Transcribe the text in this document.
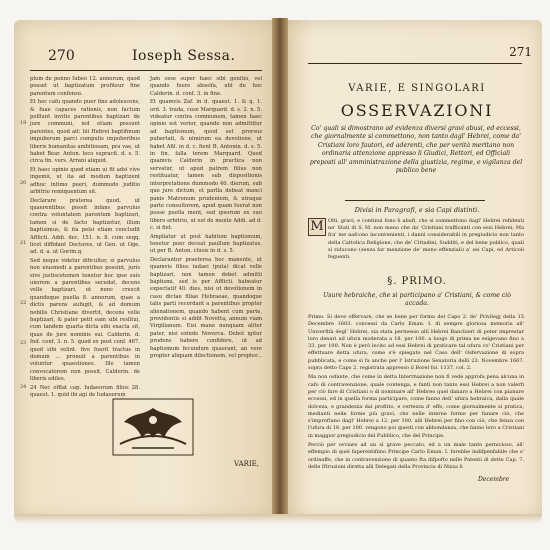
270	Ioseph Sessa.

plum de ponno Iubeo 12. annorum, quod posset ut baptizatum profiteur fine parentum confensu.

Et hoc cafu quando puer fine adolescens, & fuae capaces rationis, non factum polllunt invitis parentibus baptizari de jure communi, ied etiam possunt parentes, quod ait: liii Hebrei baptifmum impuberum parci compulis impuberibus liberis humanitas ambitiosam, pra vae, ut habet Bear. Anton. loco supracit. d. s. 5. circa fin. vers. Arrani aliquid.

Et haec opinio quod etiam ui fit adsi vive ingemii, ut ita ad modum baptizent adhuc intimo pueri, dummodo juditio arbitrio remiquentum sit.

Declarare praterea quod, ut quaerentibus possit infans parvulus contra voluntatem parentum baptizari, tamen si de facto baptizetur, illum baptisimus, & ita pelsi etiam concludit Afflicti. Addi. dec. 151. n. 8. cum seqq. licet diffidant Doctores, ut Gen. ut Oge. ad. d. a. ut Gorim.q.

Sed neque videtur dificulter, si parvulus non eiusmodi a parentibus possint, juris sive justiscetemen tenetur hoc ipse suis uxorem a parentibus secedat, decens velle baptizari, ut nunc crescit quandoque puella 8. annorum, quae a dictis parens aufugit, & ad domum nobilis Christiane divertit, decens velle baptizari, & pater petit eam sibi reslitui, cum tandem quarta dicta sibi exacta sit, quae de jure nominis sui. Calderin. d. Ind. conf. 3. n. 5. quod ex post conf. 467. quod sibi velint. five fuerit tractus in domum ... pronuit a parentibus in voluntur quaestiones. Ille tamen convocatorem non possit, Calderin. de liberis ediles.

24 Nec offlat cap. Iudaeorum filios 28. quaest. 1. quid ibi agi de Iudaeorum

Jam osse super haec sibi genitio, vel quando fuere abseifa, ubl de hoc Calderin. d. conf. 3. in fine.

Et quamvis Zaf. in d. quaest. 1. & q. 1. ord. 3. trada, cuse Marquard. d. s. 2. n. 5. videatur contra communem, tamen haec opinio est verior, quando non admittitur ad baptismum, quod est prorsus pubertati, & nimirum ea devotione, ut habet Afil. in d. c. fient B. Antonin. d. s. 5. in fin. falla terem Marquard. Quod quamvis Calderin in practica non servatur, ut apud patrem filius non restituatur, tamen sub dispositionis interpretatione dummodo 40. dierum, sub quo jure dictum, et parlla debeat manci panis Matronum prudentem, & utraque parte consultorem, apud quam fuerat non posse puella ment, sed ipsorum ex suo libero arbitrio, ut est de mente Addi. ad d. c. si fiet.

Ampliatur ut post habitum baptismum, tenetur puer deceat paullum baptizatus, ut per B. Anton. clusis in d. s. 5.

Declarantur praeterea hoc manente, ut quamvis filius iudaei (puta) dicat velle baptizari, non tamen debet admitti baptismi, sed is per Afflicti. habeatur expectatif 40. dies, nisi ut devotionem in casu dictae filiae Hebraeae, quandoque talis parti recordant a parentibus propter alienationem, quando habent cum parte, providentis si addit Novetta, annum viam Virgilianum. Eisi mane nunquam aliter pater, nisi exinde Noverca. Debet igitur prudens habere confidere, ut ad baptismum fecundum quaerant, an vere propter aliquam dilectionem, vel propter...

19
20
21
22
23
24
VARIE,
271
VARIE, E SINGOLARI
OSSERVAZIONI
Co' quali si dimostrano ad evidenza diversi gravi abusi, ed eccessi, che giornalmente si commettono, non tanto dagl' Hebrei, come da' Cristiani loro fautori, ed aderenti, che per verità meritano non ordinaria attenzione appresso li Giudici, Rettori, ed Officiali preposti all' amministrazione della giustizia, regime, e vigilanza del publico bene
Divisi in Paragrafi, e sia Capi distinti.
M Olti, gravi, e continui fono li abufi, che si commettono dagl' Hebrei refidenti ne' Stati di S. M. non meno che da' Cristiani trafficanti con essi Hebrei; Ma fra' me nafcono inconvenienti, i danni considerabili in pregiudicio non tanto della Cattolica Religione, che de' Cittadini, Sudditi, e del bene publico, quali si riducono (senza far menzione de' meno effenziali) a' sei Capi, ed Articoli feguenti.
§. PRIMO.
Usure hebraiche, che si participano a' Cristiani, & come ciò accada.

Primo. Si deve offervare, che se bene per forma del Capo 2. de' Privilegj della 15 Decembre 1603. concessi da Carlo Eman. I. di sempre gloriosa memoria all' Univerfità degl' Hebrei, sia stata permesso alli Hebrei Banchieri di poter imprestar loro denari ad ufura moderata a 18. per 100. a luogo di prima ne esigevano fino a 33. per 100. Non è però lecito ad essi Hebrei di praticare tal ufura co' Cristiani per effettuare detta ufura, come s'è spiegato nel Caso dell' Osfervazione di sopra pubblicata, e come si fa anche per l' Istruzione Senatoria delli 23. Novembre 1667. sopra detto Capo 2. registrata appresso il Borel fol. 1137. col. 2.

Ma non osfante, che come in detta Interrnazione non fi vede approfa pena alcuna in cafo di contravenzione, quale contenga, e fanti non tanto essi Hebrei a non valerfi per ciò fare di Cristiani o di nominare all' Hebreo quel danaro a Hebrei con pianure eccessi, ed in quella forma participare, come fanno dell' ufura hebraica, dalla quale dolceza, e grandezza dal profitto, e certezza d' effo, come giornalmente si pratica, medianti nelle forme più gravi, che nelle interne forme per fanare ciò, che s'impreftano dagl' Hebrei a 12. per 100. alli Hebrei per fino con ciò, che fenza con l'ufura di 18. per 100. vengono poi questi con abbondanza, che fanno loro a Cristiani in maggior pregiudicio del Pubblico, che del Principe.

Perciò per ovviare ad un sì grave peccato, ed a un male tanto pernicioso, all' effempio di quel faperentifimo Principe Carlo Eman. I. farebbe indifpenfabile che s' ordinaffe, che in contravenzione di quanto fta difpofto nelle Patenti di dette Cap. 7. delle Iftruzioni diretta alli Delegati della Provincia di Nizza li

Decembre
